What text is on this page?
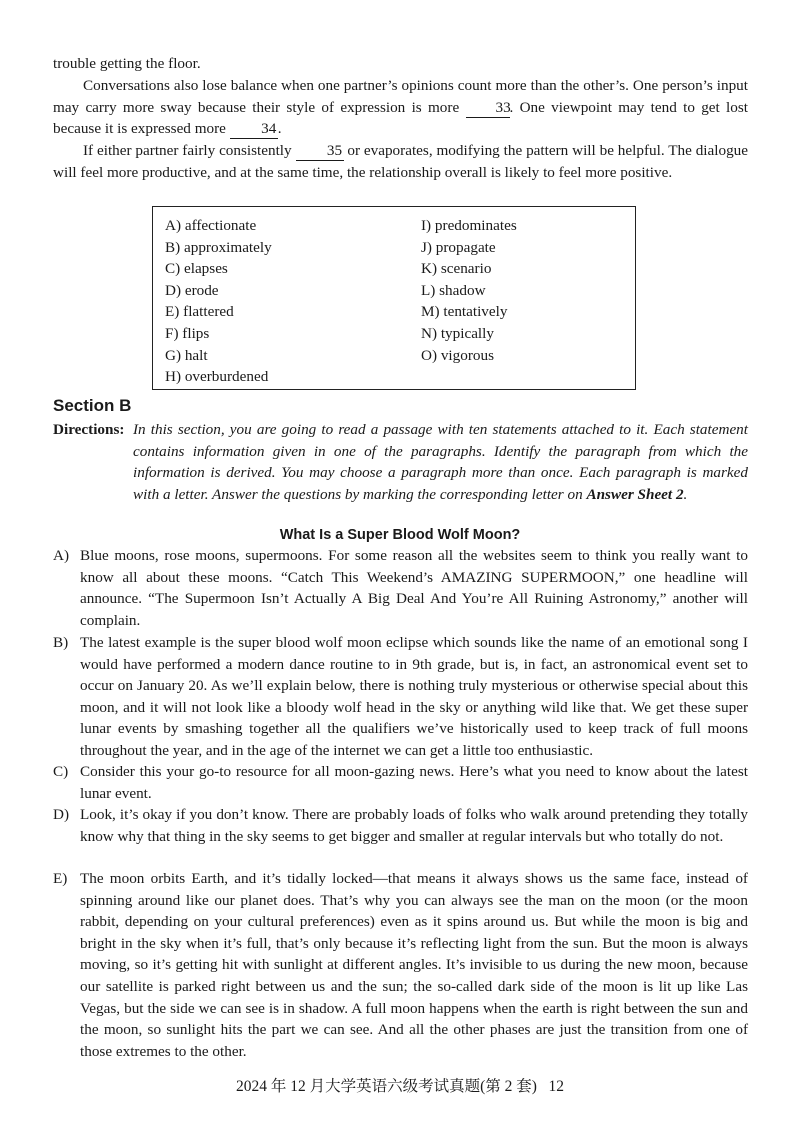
trouble getting the floor.

Conversations also lose balance when one partner’s opinions count more than the other’s. One person’s input may carry more sway because their style of expression is more 33. One viewpoint may tend to get lost because it is expressed more 34.

If either partner fairly consistently 35 or evaporates, modifying the pattern will be helpful. The dialogue will feel more productive, and at the same time, the relationship overall is likely to feel more positive.

A) affectionate
B) approximately
C) elapses
D) erode
E) flattered
F) flips
G) halt
H) overburdened
I) predominates
J) propagate
K) scenario
L) shadow
M) tentatively
N) typically
O) vigorous
Section B
Directions: In this section, you are going to read a passage with ten statements attached to it. Each statement contains information given in one of the paragraphs. Identify the paragraph from which the information is derived. You may choose a paragraph more than once. Each paragraph is marked with a letter. Answer the questions by marking the corresponding letter on Answer Sheet 2.

What Is a Super Blood Wolf Moon?
A) Blue moons, rose moons, supermoons. For some reason all the websites seem to think you really want to know all about these moons. “Catch This Weekend’s AMAZING SUPERMOON,” one headline will announce. “The Supermoon Isn’t Actually A Big Deal And You’re All Ruining Astronomy,” another will complain.

B) The latest example is the super blood wolf moon eclipse which sounds like the name of an emotional song I would have performed a modern dance routine to in 9th grade, but is, in fact, an astronomical event set to occur on January 20. As we’ll explain below, there is nothing truly mysterious or otherwise special about this moon, and it will not look like a bloody wolf head in the sky or anything wild like that. We get these super lunar events by smashing together all the qualifiers we’ve historically used to keep track of full moons throughout the year, and in the age of the internet we can get a little too enthusiastic.

C) Consider this your go-to resource for all moon-gazing news. Here’s what you need to know about the latest lunar event.

D) Look, it’s okay if you don’t know. There are probably loads of folks who walk around pretending they totally know why that thing in the sky seems to get bigger and smaller at regular intervals but who totally do not.

E) The moon orbits Earth, and it’s tidally locked—that means it always shows us the same face, instead of spinning around like our planet does. That’s why you can always see the man on the moon (or the moon rabbit, depending on your cultural preferences) even as it spins around us. But while the moon is big and bright in the sky when it’s full, that’s only because it’s reflecting light from the sun. But the moon is always moving, so it’s getting hit with sunlight at different angles. It’s invisible to us during the new moon, because our satellite is parked right between us and the sun; the so-called dark side of the moon is lit up like Las Vegas, but the side we can see is in shadow. A full moon happens when the earth is right between the sun and the moon, so sunlight hits the part we can see. And all the other phases are just the transition from one of those extremes to the other.

2024 年 12 月大学英语六级考试真题(第 2 套)   12
